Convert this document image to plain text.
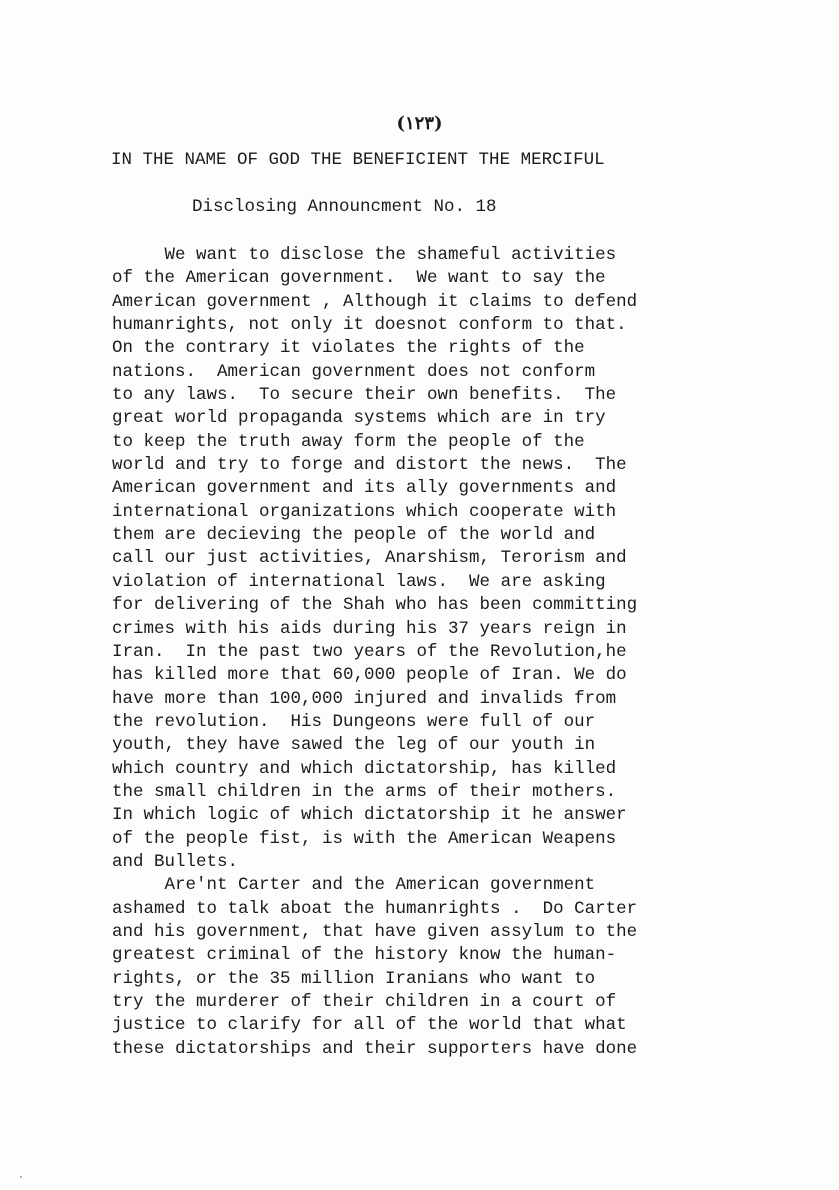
(۱۲۳)
IN THE NAME OF GOD THE BENEFICIENT THE MERCIFUL
Disclosing Announcment No. 18
We want to disclose the shameful activities
of the American government.  We want to say the
American government , Although it claims to defend
humanrights, not only it doesnot conform to that.
On the contrary it violates the rights of the
nations.  American government does not conform
to any laws.  To secure their own benefits.  The
great world propaganda systems which are in try
to keep the truth away form the people of the
world and try to forge and distort the news.  The
American government and its ally governments and
international organizations which cooperate with
them are decieving the people of the world and
call our just activities, Anarshism, Terorism and
violation of international laws.  We are asking
for delivering of the Shah who has been committing
crimes with his aids during his 37 years reign in
Iran.  In the past two years of the Revolution,he
has killed more that 60,000 people of Iran. We do
have more than 100,000 injured and invalids from
the revolution.  His Dungeons were full of our
youth, they have sawed the leg of our youth in
which country and which dictatorship, has killed
the small children in the arms of their mothers.
In which logic of which dictatorship it he answer
of the people fist, is with the American Weapens
and Bullets.
Are'nt Carter and the American government
ashamed to talk aboat the humanrights .  Do Carter
and his government, that have given assylum to the
greatest criminal of the history know the human-
rights, or the 35 million Iranians who want to
try the murderer of their children in a court of
justice to clarify for all of the world that what
these dictatorships and their supporters have done
